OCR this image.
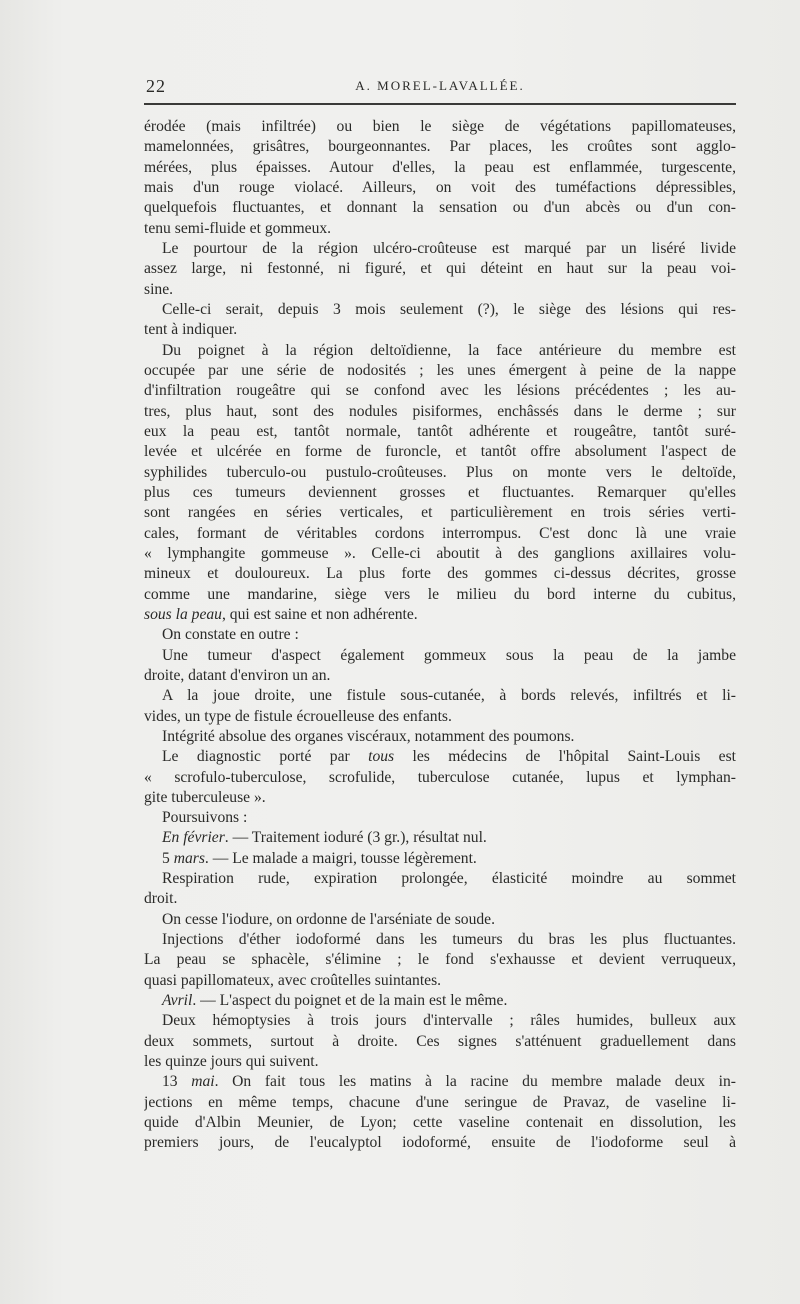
22	A. MOREL-LAVALLÉE.
érodée (mais infiltrée) ou bien le siège de végétations papillomateuses,
mamelonnées, grisâtres, bourgeonnantes. Par places, les croûtes sont agglo-
mérées, plus épaisses. Autour d'elles, la peau est enflammée, turgescente,
mais d'un rouge violacé. Ailleurs, on voit des tuméfactions dépressibles,
quelquefois fluctuantes, et donnant la sensation ou d'un abcès ou d'un con-
tenu semi-fluide et gommeux.
Le pourtour de la région ulcéro-croûteuse est marqué par un liséré livide
assez large, ni festonné, ni figuré, et qui déteint en haut sur la peau voi-
sine.
Celle-ci serait, depuis 3 mois seulement (?), le siège des lésions qui res-
tent à indiquer.
Du poignet à la région deltoïdienne, la face antérieure du membre est
occupée par une série de nodosités ; les unes émergent à peine de la nappe
d'infiltration rougeâtre qui se confond avec les lésions précédentes ; les au-
tres, plus haut, sont des nodules pisiformes, enchâssés dans le derme ; sur
eux la peau est, tantôt normale, tantôt adhérente et rougeâtre, tantôt suré-
levée et ulcérée en forme de furoncle, et tantôt offre absolument l'aspect de
syphilides tuberculo-ou pustulo-croûteuses. Plus on monte vers le deltoïde,
plus ces tumeurs deviennent grosses et fluctuantes. Remarquer qu'elles
sont rangées en séries verticales, et particulièrement en trois séries verti-
cales, formant de véritables cordons interrompus. C'est donc là une vraie
« lymphangite gommeuse ». Celle-ci aboutit à des ganglions axillaires volu-
mineux et douloureux. La plus forte des gommes ci-dessus décrites, grosse
comme une mandarine, siège vers le milieu du bord interne du cubitus,
sous la peau, qui est saine et non adhérente.
On constate en outre :
Une tumeur d'aspect également gommeux sous la peau de la jambe
droite, datant d'environ un an.
A la joue droite, une fistule sous-cutanée, à bords relevés, infiltrés et li-
vides, un type de fistule écrouelleuse des enfants.
Intégrité absolue des organes viscéraux, notamment des poumons.
Le diagnostic porté par tous les médecins de l'hôpital Saint-Louis est
« scrofulo-tuberculose, scrofulide, tuberculose cutanée, lupus et lymphan-
gite tuberculeuse ».
Poursuivons :
En février. — Traitement ioduré (3 gr.), résultat nul.
5 mars. — Le malade a maigri, tousse légèrement.
Respiration rude, expiration prolongée, élasticité moindre au sommet
droit.
On cesse l'iodure, on ordonne de l'arséniate de soude.
Injections d'éther iodoformé dans les tumeurs du bras les plus fluctuantes.
La peau se sphacèle, s'élimine ; le fond s'exhausse et devient verruqueux,
quasi papillomateux, avec croûtelles suintantes.
Avril. — L'aspect du poignet et de la main est le même.
Deux hémoptysies à trois jours d'intervalle ; râles humides, bulleux aux
deux sommets, surtout à droite. Ces signes s'atténuent graduellement dans
les quinze jours qui suivent.
13 mai. On fait tous les matins à la racine du membre malade deux in-
jections en même temps, chacune d'une seringue de Pravaz, de vaseline li-
quide d'Albin Meunier, de Lyon; cette vaseline contenait en dissolution, les
premiers jours, de l'eucalyptol iodoformé, ensuite de l'iodoforme seul à
